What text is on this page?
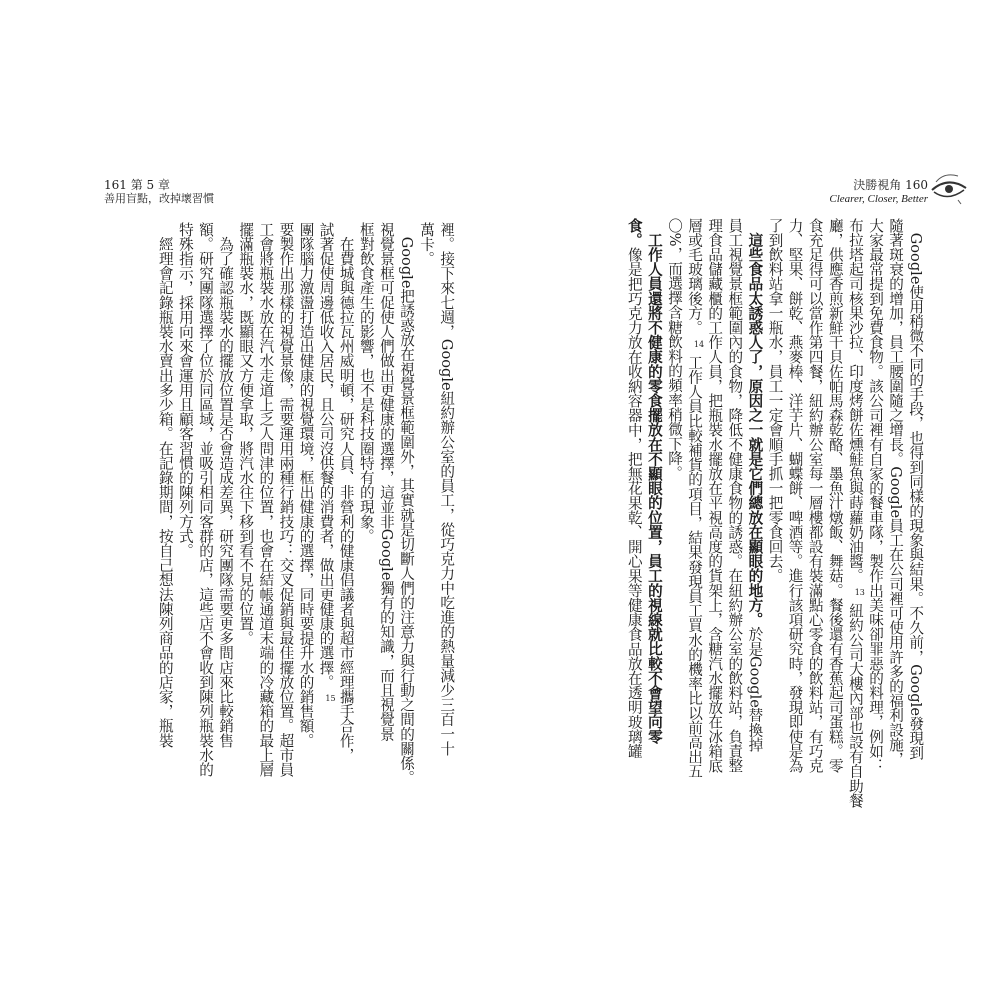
161 第 5 章
善用盲點，改掉壞習慣
決勝視角 160
Clearer, Closer, Better
　Google使用稍微不同的手段，也得到同樣的現象與結果。不久前，Google發現到
隨著斑衰的增加，員工腰圍隨之增長。Google員工在公司裡可使用許多的福利設施，
大家最常提到免費食物。該公司裡有自家的餐車隊，製作出美味卻罪惡的料理，例如：
布拉塔起司核果沙拉、印度烤餅佐燻鮭魚與蒔蘿奶油醬。13紐約公司大樓內部也設有自助餐
廳，供應香煎新鮮干貝佐帕馬森乾酪、墨魚汁燉飯、舞菇。餐後還有香蕉起司蛋糕。零
食充足得可以當作第四餐，紐約辦公室每一層樓都設有裝滿點心零食的飲料站，有巧克
力、堅果、餅乾、燕麥棒、洋芋片、蝴蝶餅、啤酒等。進行該項研究時，發現即使是為
了到飲料站拿一瓶水，員工一定會順手抓一把零食回去。
　這些食品太誘惑人了，原因之一就是它們總放在顯眼的地方。於是Google替換掉
員工視覺景框範圍內的食物，降低不健康食物的誘惑。在紐約辦公室的飲料站，負責整
理食品儲藏櫃的工作人員，把瓶裝水擺放在平視高度的貨架上，含糖汽水擺放在冰箱底
層或毛玻璃後方。14工作人員比較補貨的項目，結果發現員工買水的機率比以前高出五
〇%，而選擇含糖飲料的頻率稍微下降。
　工作人員還將不健康的零食擺放在不顯眼的位置，員工的視線就比較不會望向零
食。像是把巧克力放在收納容器中，把無花果乾、開心果等健康食品放在透明玻璃罐
裡。接下來七週，Google紐約辦公室的員工，從巧克力中吃進的熱量減少三百一十
萬卡。
　Google把誘惑放在視覺景框範圍外，其實就是切斷人們的注意力與行動之間的關係。
視覺景框可促使人們做出更健康的選擇，這並非Google獨有的知識，而且視覺景
框對飲食產生的影響，也不是科技圈特有的現象。
　在費城與德拉瓦州威明頓，研究人員、非營利的健康倡議者與超市經理攜手合作，
試著促使周邊低收入居民，且公司沒供餐的消費者，做出更健康的選擇。15
團隊腦力激盪打造出健康的視覺環境，框出健康的選擇，同時要提升水的銷售額。
要製作出那樣的視覺景像，需要運用兩種行銷技巧：交叉促銷與最佳擺放位置。超市員
工會將瓶裝水放在汽水走道上乏人問津的位置，也會在結帳通道末端的冷藏箱的最上層
擺滿瓶裝水，既顯眼又方便拿取，將汽水往下移到看不見的位置。
　為了確認瓶裝水的擺放位置是否會造成差異，研究團隊需要更多間店來比較銷售
額。研究團隊選擇了位於同區域，並吸引相同客群的店，這些店不會收到陳列瓶裝水的
特殊指示，採用向來會運用且顧客習慣的陳列方式。
　經理會記錄瓶裝水賣出多少箱。在記錄期間，按自己想法陳列商品的店家，瓶裝
